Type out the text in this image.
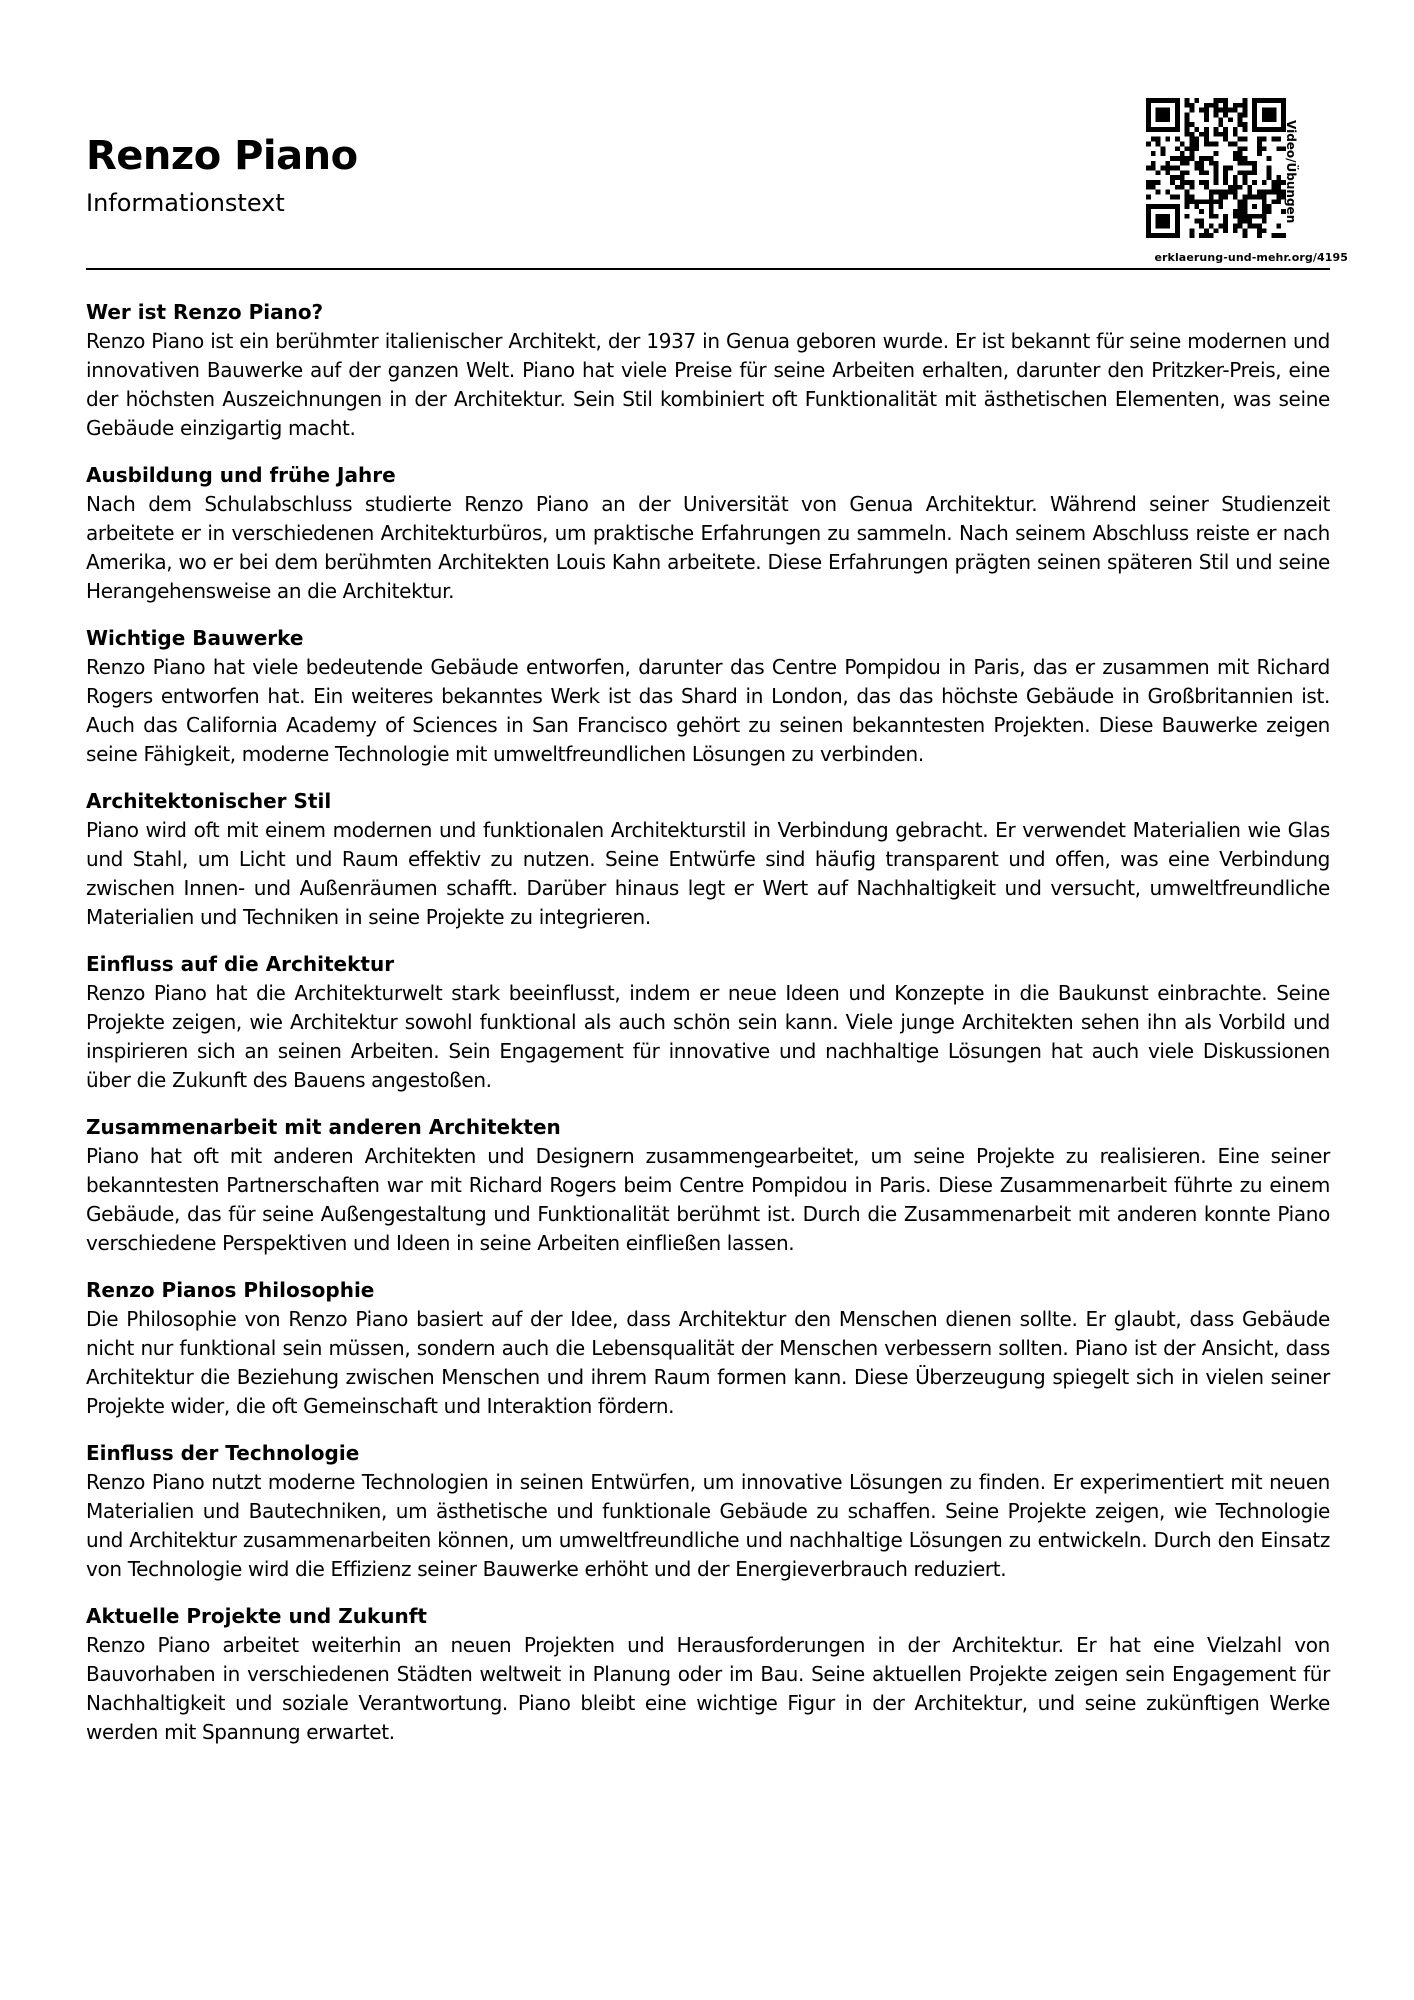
Renzo Piano

Informationstext	Video/Übungen
erklaerung-und-mehr.org/4195

Wer ist Renzo Piano?

Renzo Piano ist ein berühmter italienischer Architekt, der 1937 in Genua geboren wurde. Er ist bekannt für seine modernen und innovativen Bauwerke auf der ganzen Welt. Piano hat viele Preise für seine Arbeiten erhalten, darunter den Pritzker-Preis, eine der höchsten Auszeichnungen in der Architektur. Sein Stil kombiniert oft Funktionalität mit ästhetischen Elementen, was seine Gebäude einzigartig macht.

Ausbildung und frühe Jahre

Nach dem Schulabschluss studierte Renzo Piano an der Universität von Genua Architektur. Während seiner Studienzeit arbeitete er in verschiedenen Architekturbüros, um praktische Erfahrungen zu sammeln. Nach seinem Abschluss reiste er nach Amerika, wo er bei dem berühmten Architekten Louis Kahn arbeitete. Diese Erfahrungen prägten seinen späteren Stil und seine Herangehensweise an die Architektur.

Wichtige Bauwerke

Renzo Piano hat viele bedeutende Gebäude entworfen, darunter das Centre Pompidou in Paris, das er zusammen mit Richard Rogers entworfen hat. Ein weiteres bekanntes Werk ist das Shard in London, das das höchste Gebäude in Großbritannien ist. Auch das California Academy of Sciences in San Francisco gehört zu seinen bekanntesten Projekten. Diese Bauwerke zeigen seine Fähigkeit, moderne Technologie mit umweltfreundlichen Lösungen zu verbinden.

Architektonischer Stil

Piano wird oft mit einem modernen und funktionalen Architekturstil in Verbindung gebracht. Er verwendet Materialien wie Glas und Stahl, um Licht und Raum effektiv zu nutzen. Seine Entwürfe sind häufig transparent und offen, was eine Verbindung zwischen Innen- und Außenräumen schafft. Darüber hinaus legt er Wert auf Nachhaltigkeit und versucht, umweltfreundliche Materialien und Techniken in seine Projekte zu integrieren.

Einfluss auf die Architektur

Renzo Piano hat die Architekturwelt stark beeinflusst, indem er neue Ideen und Konzepte in die Baukunst einbrachte. Seine Projekte zeigen, wie Architektur sowohl funktional als auch schön sein kann. Viele junge Architekten sehen ihn als Vorbild und inspirieren sich an seinen Arbeiten. Sein Engagement für innovative und nachhaltige Lösungen hat auch viele Diskussionen über die Zukunft des Bauens angestoßen.

Zusammenarbeit mit anderen Architekten

Piano hat oft mit anderen Architekten und Designern zusammengearbeitet, um seine Projekte zu realisieren. Eine seiner bekanntesten Partnerschaften war mit Richard Rogers beim Centre Pompidou in Paris. Diese Zusammenarbeit führte zu einem Gebäude, das für seine Außengestaltung und Funktionalität berühmt ist. Durch die Zusammenarbeit mit anderen konnte Piano verschiedene Perspektiven und Ideen in seine Arbeiten einfließen lassen.

Renzo Pianos Philosophie

Die Philosophie von Renzo Piano basiert auf der Idee, dass Architektur den Menschen dienen sollte. Er glaubt, dass Gebäude nicht nur funktional sein müssen, sondern auch die Lebensqualität der Menschen verbessern sollten. Piano ist der Ansicht, dass Architektur die Beziehung zwischen Menschen und ihrem Raum formen kann. Diese Überzeugung spiegelt sich in vielen seiner Projekte wider, die oft Gemeinschaft und Interaktion fördern.

Einfluss der Technologie

Renzo Piano nutzt moderne Technologien in seinen Entwürfen, um innovative Lösungen zu finden. Er experimentiert mit neuen Materialien und Bautechniken, um ästhetische und funktionale Gebäude zu schaffen. Seine Projekte zeigen, wie Technologie und Architektur zusammenarbeiten können, um umweltfreundliche und nachhaltige Lösungen zu entwickeln. Durch den Einsatz von Technologie wird die Effizienz seiner Bauwerke erhöht und der Energieverbrauch reduziert.

Aktuelle Projekte und Zukunft

Renzo Piano arbeitet weiterhin an neuen Projekten und Herausforderungen in der Architektur. Er hat eine Vielzahl von Bauvorhaben in verschiedenen Städten weltweit in Planung oder im Bau. Seine aktuellen Projekte zeigen sein Engagement für Nachhaltigkeit und soziale Verantwortung. Piano bleibt eine wichtige Figur in der Architektur, und seine zukünftigen Werke werden mit Spannung erwartet.
